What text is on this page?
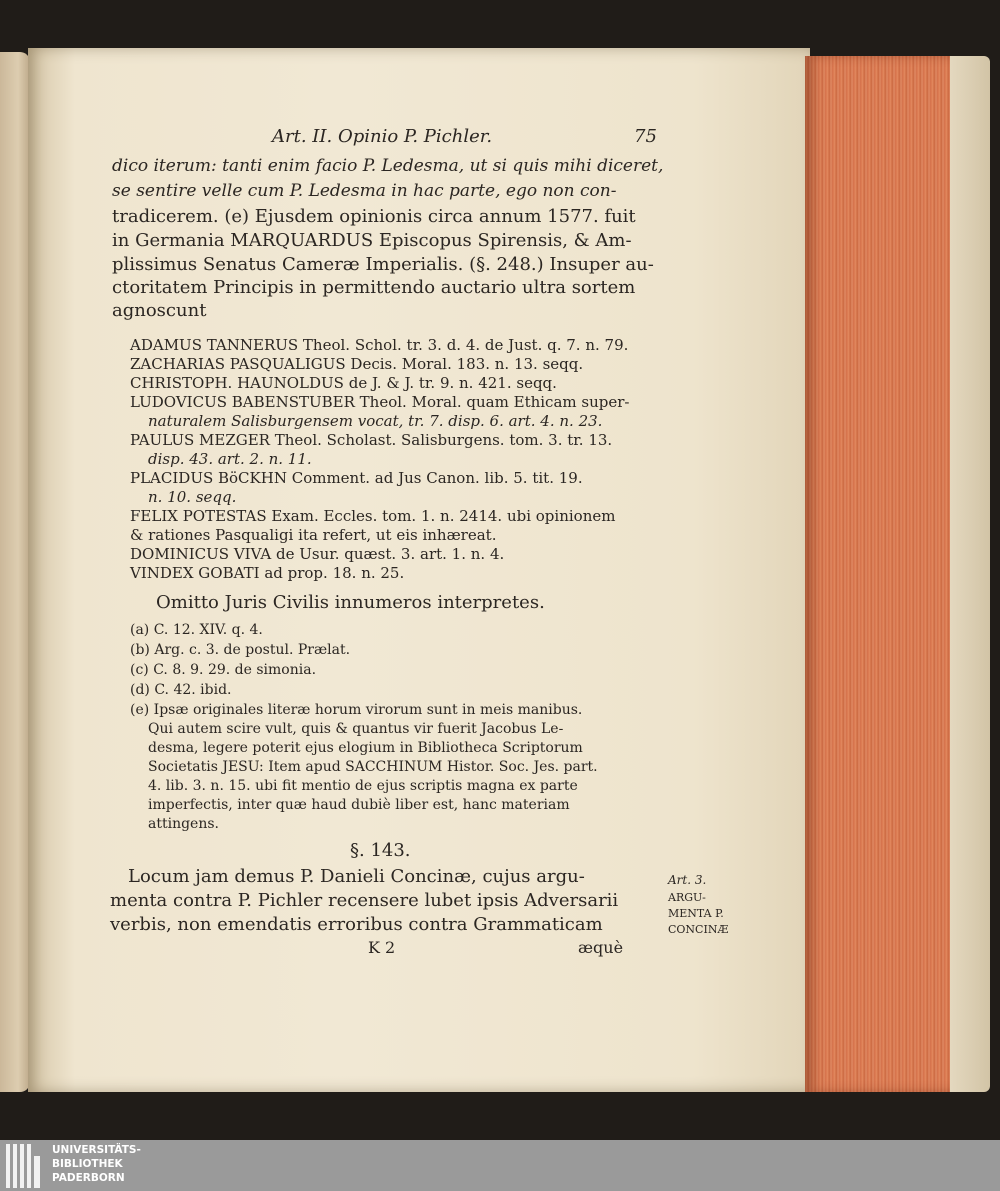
Art. II. Opinio P. Pichler.	75
dico iterum: tanti enim facio P. Ledesma, ut si quis mihi diceret,
se sentire velle cum P. Ledesma in hac parte, ego non con-
tradicerem. (e) Ejusdem opinionis circa annum 1577. fuit
in Germania MARQUARDUS Episcopus Spirensis, & Am-
plissimus Senatus Cameræ Imperialis. (§. 248.) Insuper au-
ctoritatem Principis in permittendo auctario ultra sortem
agnoscunt
ADAMUS TANNERUS Theol. Schol. tr. 3. d. 4. de Just. q. 7. n. 79.
ZACHARIAS PASQUALIGUS Decis. Moral. 183. n. 13. seqq.
CHRISTOPH. HAUNOLDUS de J. & J. tr. 9. n. 421. seqq.
LUDOVICUS BABENSTUBER Theol. Moral. quam Ethicam super-
naturalem Salisburgensem vocat, tr. 7. disp. 6. art. 4. n. 23.
PAULUS MEZGER Theol. Scholast. Salisburgens. tom. 3. tr. 13.
disp. 43. art. 2. n. 11.
PLACIDUS BöCKHN Comment. ad Jus Canon. lib. 5. tit. 19.
n. 10. seqq.
FELIX POTESTAS Exam. Eccles. tom. 1. n. 2414. ubi opinionem
& rationes Pasqualigi ita refert, ut eis inhæreat.
DOMINICUS VIVA de Usur. quæst. 3. art. 1. n. 4.
VINDEX GOBATI ad prop. 18. n. 25.
Omitto Juris Civilis innumeros interpretes.
(a) C. 12. XIV. q. 4.
(b) Arg. c. 3. de postul. Prælat.
(c) C. 8. 9. 29. de simonia.
(d) C. 42. ibid.
(e) Ipsæ originales literæ horum virorum sunt in meis manibus.
Qui autem scire vult, quis & quantus vir fuerit Jacobus Le-
desma, legere poterit ejus elogium in Bibliotheca Scriptorum
Societatis JESU: Item apud SACCHINUM Histor. Soc. Jes. part.
4. lib. 3. n. 15. ubi fit mentio de ejus scriptis magna ex parte
imperfectis, inter quæ haud dubiè liber est, hanc materiam
attingens.
§. 143.
Locum jam demus P. Danieli Concinæ, cujus argu-
menta contra P. Pichler recensere lubet ipsis Adversarii
verbis, non emendatis erroribus contra Grammaticam
K 2	æquè
Art. 3.
ARGU-
MENTA P.
CONCINÆ
UNIVERSITÄTS-
BIBLIOTHEK
PADERBORN
